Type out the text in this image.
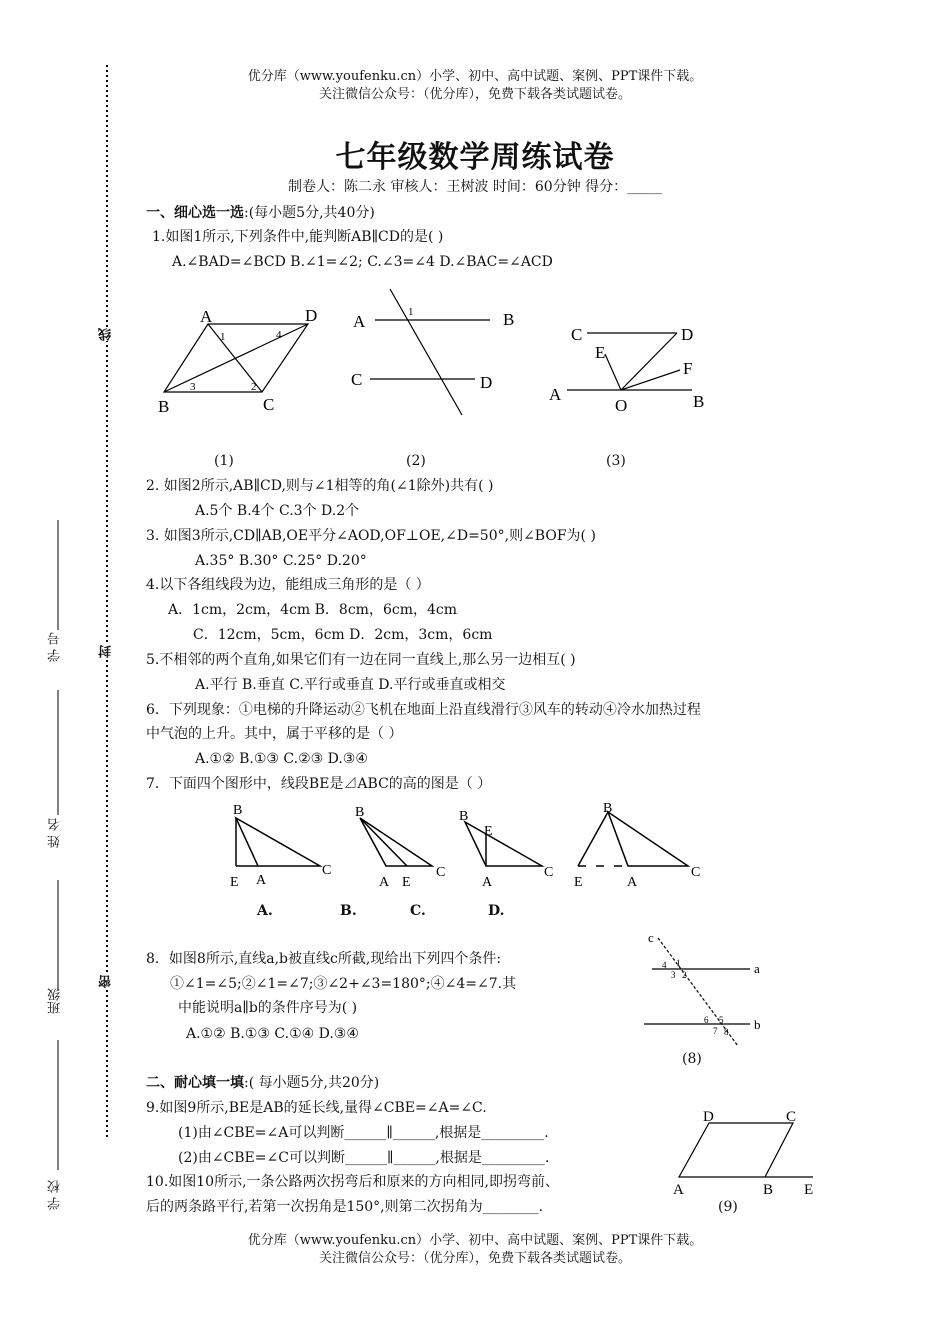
优分库（www.youfenku.cn）小学、初中、高中试题、案例、PPT课件下载。
关注微信公众号：（优分库），免费下载各类试题试卷。
七年级数学周练试卷
制卷人：陈二永 审核人：王树波 时间：60分钟 得分：_____
线
封
密
学 号
姓 名
班级
学 校
一、细心选一选:(每小题5分,共40分)
1.如图1所示,下列条件中,能判断AB∥CD的是( )
A.∠BAD=∠BCD B.∠1=∠2; C.∠3=∠4 D.∠BAC=∠ACD
A	D
B	C
1	4
3	2
A	B
C	D
1
C	D
E
F
A
O	B
(1)	(2)	(3)
2. 如图2所示,AB∥CD,则与∠1相等的角(∠1除外)共有( )
A.5个 B.4个 C.3个 D.2个
3. 如图3所示,CD∥AB,OE平分∠AOD,OF⊥OE,∠D=50°,则∠BOF为( )
A.35° B.30° C.25° D.20°
4.以下各组线段为边，能组成三角形的是（ ）
A．1cm，2cm，4cm B．8cm，6cm，4cm
C．12cm，5cm，6cm D．2cm，3cm，6cm
5.不相邻的两个直角,如果它们有一边在同一直线上,那么另一边相互( )
A.平行 B.垂直 C.平行或垂直 D.平行或垂直或相交
6．下列现象：①电梯的升降运动②飞机在地面上沿直线滑行③风车的转动④冷水加热过程
中气泡的上升。其中，属于平移的是（ ）
A.①② B.①③ C.②③ D.③④
7．下面四个图形中，线段BE是⊿ABC的高的图是（ ）
B
C
E A
B
C
A E
B
E
C
A
B
C
E	A
A.	B.	C.	D.
8．如图8所示,直线a,b被直线c所截,现给出下列四个条件:
①∠1=∠5;②∠1=∠7;③∠2+∠3=180°;④∠4=∠7.其
中能说明a∥b的条件序号为( )
A.①② B.①③ C.①④ D.③④
c
a
b
4 1
3 2
6 5
7 8
(8)
二、耐心填一填:( 每小题5分,共20分)
9.如图9所示,BE是AB的延长线,量得∠CBE=∠A=∠C.
(1)由∠CBE=∠A可以判断______∥______,根据是_________.
(2)由∠CBE=∠C可以判断______∥______,根据是_________.
10.如图10所示,一条公路两次拐弯后和原来的方向相同,即拐弯前、
后的两条路平行,若第一次拐角是150°,则第二次拐角为________.
D	C
A	B E
(9)
优分库（www.youfenku.cn）小学、初中、高中试题、案例、PPT课件下载。
关注微信公众号：（优分库），免费下载各类试题试卷。
